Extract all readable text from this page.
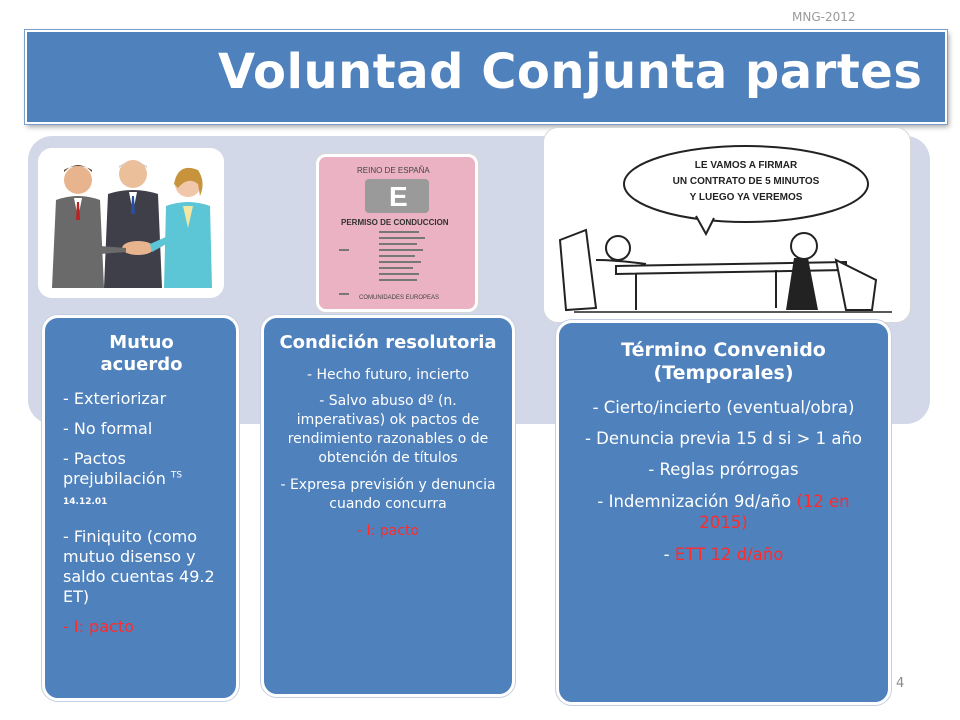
MNG-2012
Voluntad Conjunta partes
REINO DE ESPAÑA
E
PERMISO DE CONDUCCION
COMUNIDADES EUROPEAS
LE VAMOS A FIRMAR
UN CONTRATO DE 5 MINUTOS
Y LUEGO YA VEREMOS
Mutuo acuerdo

- Exteriorizar

- No formal

- Pactos prejubilación $^{TS}$
14.12.01

- Finiquito (como mutuo disenso y saldo cuentas 49.2 ET)

- I: pacto

Condición resolutoria

- Hecho futuro, incierto

- Salvo abuso dº (n. imperativas) ok pactos de rendimiento razonables o de obtención de títulos

- Expresa previsión y denuncia cuando concurra

- I: pacto

Término Convenido (Temporales)

- Cierto/incierto (eventual/obra)

- Denuncia previa 15 d si > 1 año

- Reglas prórrogas

- Indemnización 9d/año (12 en 2015)

- ETT 12 d/año

4
